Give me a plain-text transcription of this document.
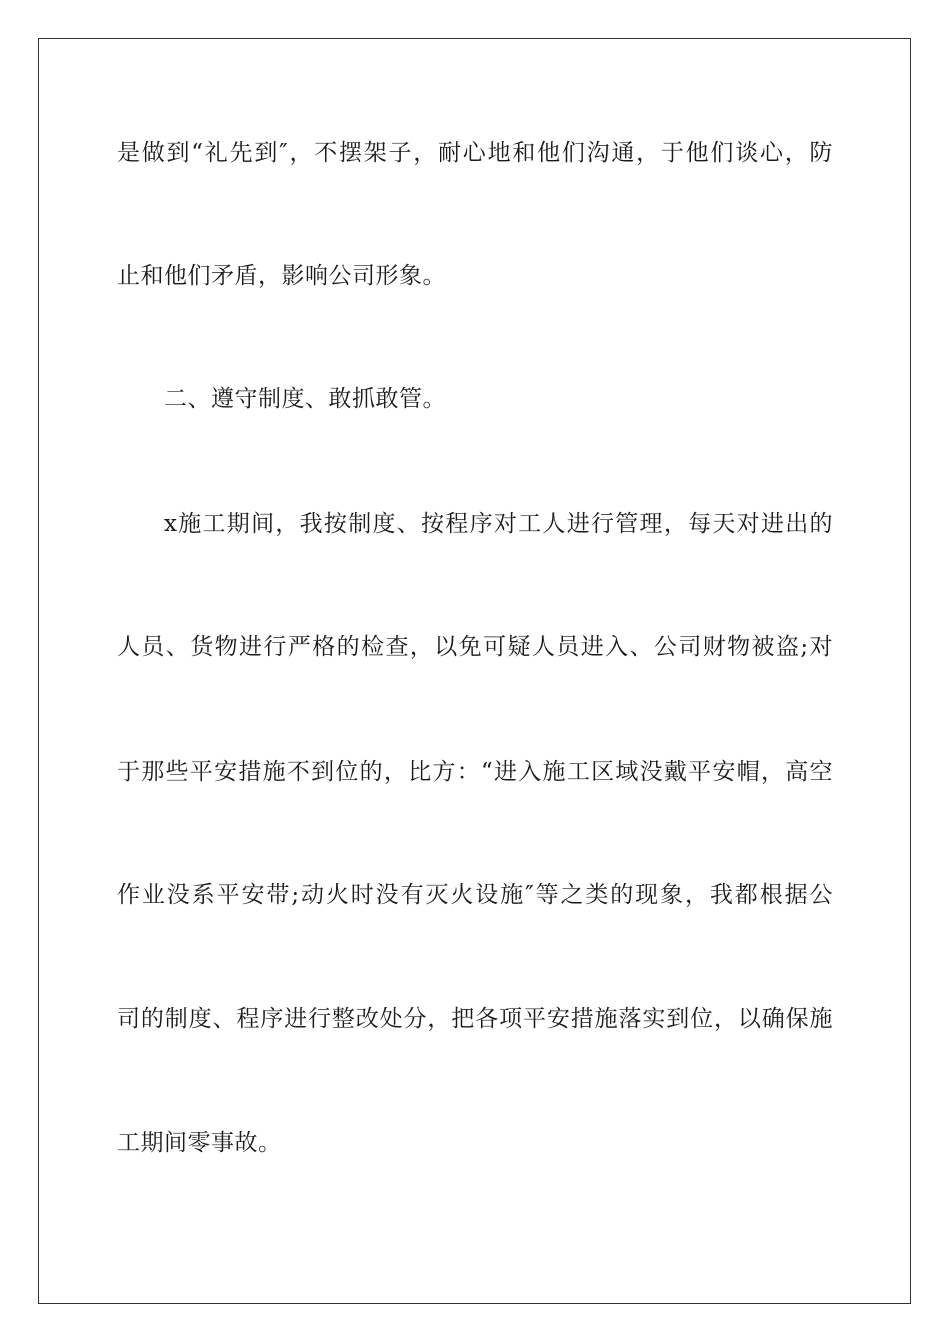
是做到“礼先到″，不摆架子，耐心地和他们沟通，于他们谈心，防
止和他们矛盾，影响公司形象。
二、遵守制度、敢抓敢管。
x施工期间，我按制度、按程序对工人进行管理，每天对进出的
人员、货物进行严格的检查，以免可疑人员进入、公司财物被盗;对
于那些平安措施不到位的，比方：“进入施工区域没戴平安帽，高空
作业没系平安带;动火时没有灭火设施″等之类的现象，我都根据公
司的制度、程序进行整改处分，把各项平安措施落实到位，以确保施
工期间零事故。
